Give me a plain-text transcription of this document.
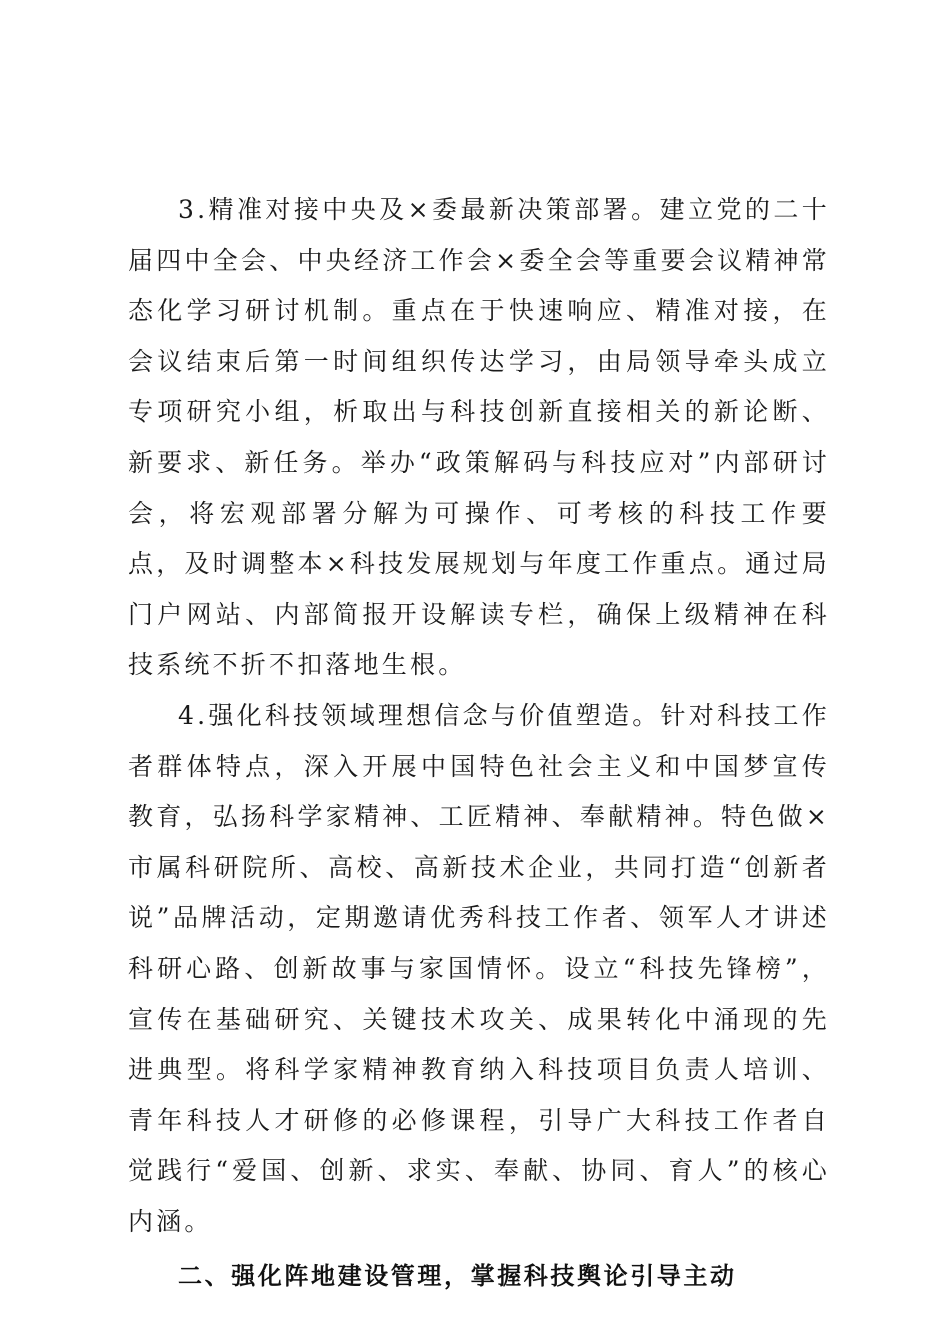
3.精准对接中央及×委最新决策部署。建立党的二十届四中全会、中央经济工作会×委全会等重要会议精神常态化学习研讨机制。重点在于快速响应、精准对接，在会议结束后第一时间组织传达学习，由局领导牵头成立专项研究小组，析取出与科技创新直接相关的新论断、新要求、新任务。举办“政策解码与科技应对”内部研讨会，将宏观部署分解为可操作、可考核的科技工作要点，及时调整本×科技发展规划与年度工作重点。通过局门户网站、内部简报开设解读专栏，确保上级精神在科技系统不折不扣落地生根。

4.强化科技领域理想信念与价值塑造。针对科技工作者群体特点，深入开展中国特色社会主义和中国梦宣传教育，弘扬科学家精神、工匠精神、奉献精神。特色做×市属科研院所、高校、高新技术企业，共同打造“创新者说”品牌活动，定期邀请优秀科技工作者、领军人才讲述科研心路、创新故事与家国情怀。设立“科技先锋榜”，宣传在基础研究、关键技术攻关、成果转化中涌现的先进典型。将科学家精神教育纳入科技项目负责人培训、青年科技人才研修的必修课程，引导广大科技工作者自觉践行“爱国、创新、求实、奉献、协同、育人”的核心内涵。

二、强化阵地建设管理，掌握科技舆论引导主动
